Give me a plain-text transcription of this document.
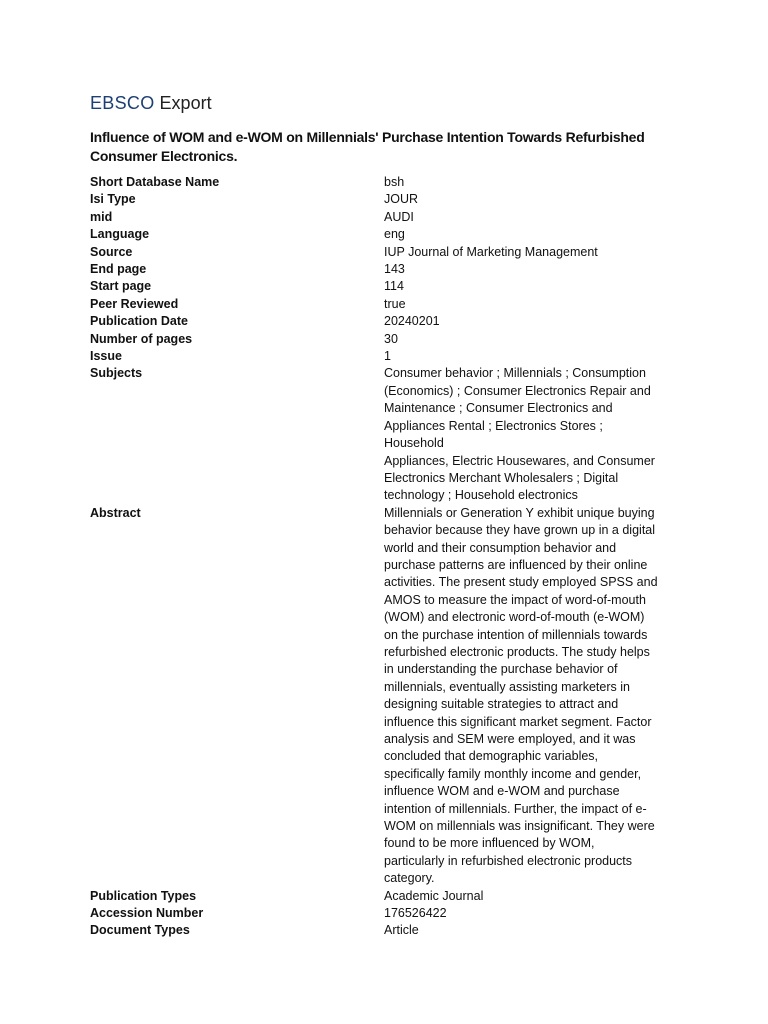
EBSCO Export
Influence of WOM and e-WOM on Millennials' Purchase Intention Towards Refurbished Consumer Electronics.
Short Database Name	bsh
Isi Type	JOUR
mid	AUDI
Language	eng
Source	IUP Journal of Marketing Management
End page	143
Start page	114
Peer Reviewed	true
Publication Date	20240201
Number of pages	30
Issue	1
Subjects	Consumer behavior ; Millennials ; Consumption
(Economics) ; Consumer Electronics Repair and
Maintenance ; Consumer Electronics and
Appliances Rental ; Electronics Stores ; Household
Appliances, Electric Housewares, and Consumer
Electronics Merchant Wholesalers ; Digital
technology ; Household electronics
Abstract	Millennials or Generation Y exhibit unique buying
behavior because they have grown up in a digital
world and their consumption behavior and
purchase patterns are influenced by their online
activities. The present study employed SPSS and
AMOS to measure the impact of word-of-mouth
(WOM) and electronic word-of-mouth (e-WOM)
on the purchase intention of millennials towards
refurbished electronic products. The study helps
in understanding the purchase behavior of
millennials, eventually assisting marketers in
designing suitable strategies to attract and
influence this significant market segment. Factor
analysis and SEM were employed, and it was
concluded that demographic variables,
specifically family monthly income and gender,
influence WOM and e-WOM and purchase
intention of millennials. Further, the impact of e-
WOM on millennials was insignificant. They were
found to be more influenced by WOM,
particularly in refurbished electronic products
category.
Publication Types	Academic Journal
Accession Number	176526422
Document Types	Article
